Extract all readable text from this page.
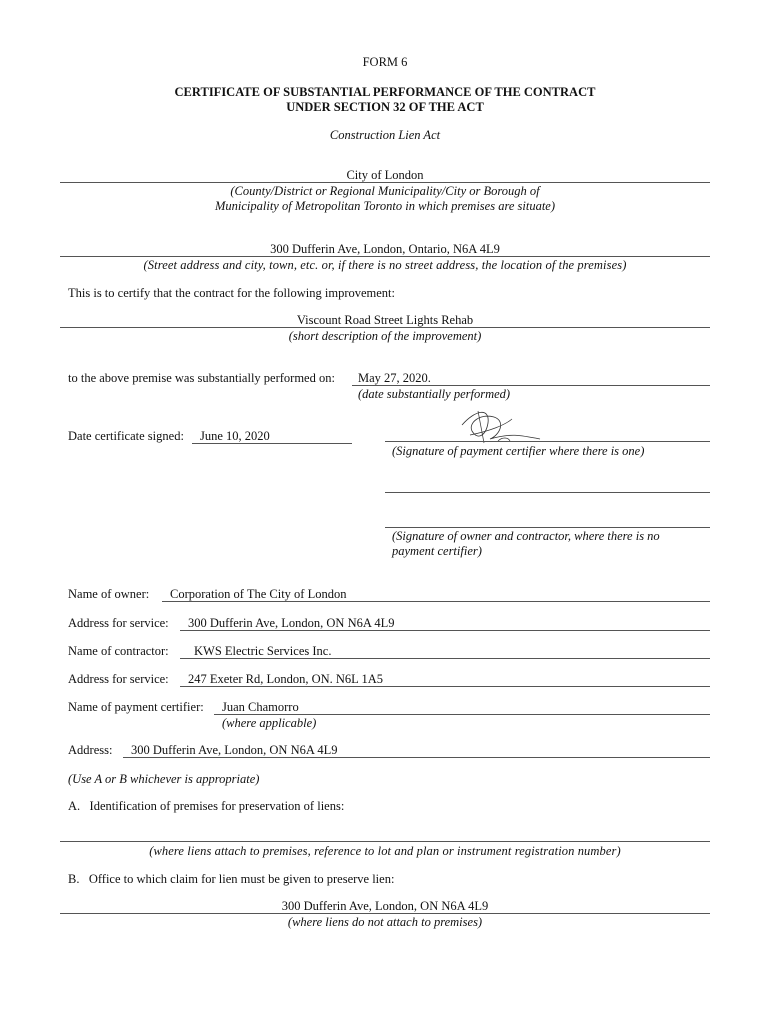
FORM 6
CERTIFICATE OF SUBSTANTIAL PERFORMANCE OF THE CONTRACT
UNDER SECTION 32 OF THE ACT
Construction Lien Act
City of London
(County/District or Regional Municipality/City or Borough of
Municipality of Metropolitan Toronto in which premises are situate)
300 Dufferin Ave, London, Ontario, N6A 4L9
(Street address and city, town, etc. or, if there is no street address, the location of the premises)
This is to certify that the contract for the following improvement:
Viscount Road Street Lights Rehab
(short description of the improvement)
to the above premise was substantially performed on: May 27, 2020.
(date substantially performed)
Date certificate signed: June 10, 2020
(Signature of payment certifier where there is one)
(Signature of owner and contractor, where there is no
payment certifier)
Name of owner: Corporation of The City of London
Address for service: 300 Dufferin Ave, London, ON N6A 4L9
Name of contractor: KWS Electric Services Inc.
Address for service: 247 Exeter Rd, London, ON. N6L 1A5
Name of payment certifier: Juan Chamorro
(where applicable)
Address: 300 Dufferin Ave, London, ON N6A 4L9
(Use A or B whichever is appropriate)
A.   Identification of premises for preservation of liens:
(where liens attach to premises, reference to lot and plan or instrument registration number)
B.   Office to which claim for lien must be given to preserve lien:
300 Dufferin Ave, London, ON N6A 4L9
(where liens do not attach to premises)
